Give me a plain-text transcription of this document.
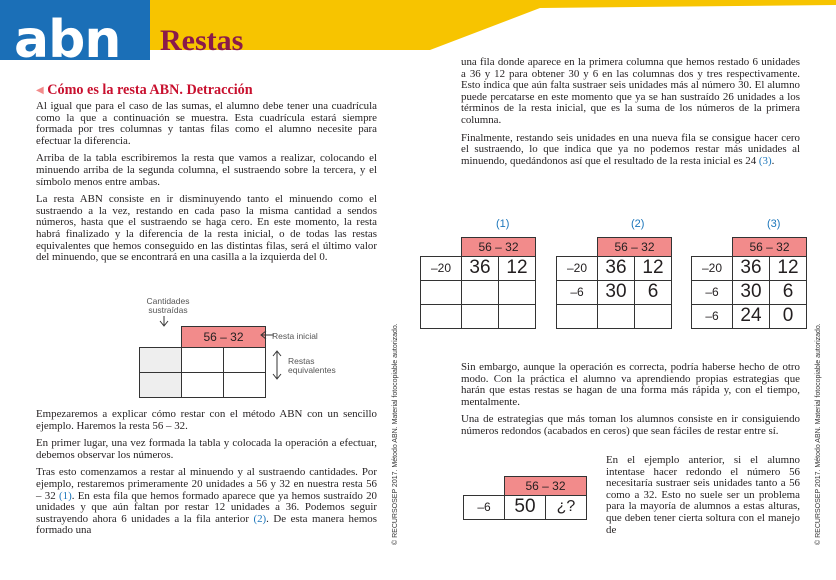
abn Restas
◀ Cómo es la resta ABN. Detracción

Al igual que para el caso de las sumas, el alumno debe tener una cuadrícula como la que a continuación se muestra. Esta cuadrícula estará siempre formada por tres columnas y tantas filas como el alumno necesite para efectuar la diferencia.

Arriba de la tabla escribiremos la resta que vamos a realizar, colocando el minuendo arriba de la segunda columna, el sustraendo sobre la tercera, y el símbolo menos entre ambas.

La resta ABN consiste en ir disminuyendo tanto el minuendo como el sustraendo a la vez, restando en cada paso la misma cantidad a sendos números, hasta que el sustraendo se haga cero. En este momento, la resta habrá finalizado y la diferencia de la resta inicial, o de todas las restas equivalentes que hemos conseguido en las distintas filas, será el último valor del minuendo, que se encontrará en una casilla a la izquierda del 0.

Cantidades
sustraídas
	56 – 32	

			Resta inicial
Restas
equivalentes

Empezaremos a explicar cómo restar con el método ABN con un sencillo ejemplo. Haremos la resta 56 – 32.

En primer lugar, una vez formada la tabla y colocada la operación a efectuar, debemos observar los números.

Tras esto comenzamos a restar al minuendo y al sustraendo cantidades. Por ejemplo, restaremos primeramente 20 unidades a 56 y 32 en nuestra resta 56 – 32 (1). En esta fila que hemos formado aparece que ya hemos sustraído 20 unidades y que aún faltan por restar 12 unidades a 36. Podemos seguir sustrayendo ahora 6 unidades a la fila anterior (2). De esta manera hemos formado una	© RECURSOSEP 2017. Método ABN. Material fotocopiable autorizado.	© RECURSOSEP 2017. Método ABN. Material fotocopiable autorizado.

una fila donde aparece en la primera columna que hemos restado 6 unidades a 36 y 12 para obtener 30 y 6 en las columnas dos y tres respectivamente. Esto indica que aún falta sustraer seis unidades más al número 30. El alumno puede percatarse en este momento que ya se han sustraído 26 unidades a los términos de la resta inicial, que es la suma de los números de la primera columna.

Finalmente, restando seis unidades en una nueva fila se consigue hacer cero el sustraendo, lo que indica que ya no podemos restar más unidades al minuendo, quedándonos así que el resultado de la resta inicial es 24 (3).

(1)
	56 – 32	
–20	36	12

(2)
	56 – 32	
–20	36	12
–6	30	6

(3)
	56 – 32	
–20	36	12
–6	30	6
–6	24	0

Sin embargo, aunque la operación es correcta, podría haberse hecho de otro modo. Con la práctica el alumno va aprendiendo propias estrategias que harán que estas restas se hagan de una forma más rápida y, con el tiempo, mentalmente.

Una de estrategias que más toman los alumnos consiste en ir consiguiendo números redondos (acabados en ceros) que sean fáciles de restar entre sí.

	56 – 32	
–6	50	¿?

En el ejemplo anterior, si el alumno intentase hacer redondo el número 56 necesitaría sustraer seis unidades tanto a 56 como a 32. Esto no suele ser un problema para la mayoría de alumnos a estas alturas, que deben tener cierta soltura con el manejo de
